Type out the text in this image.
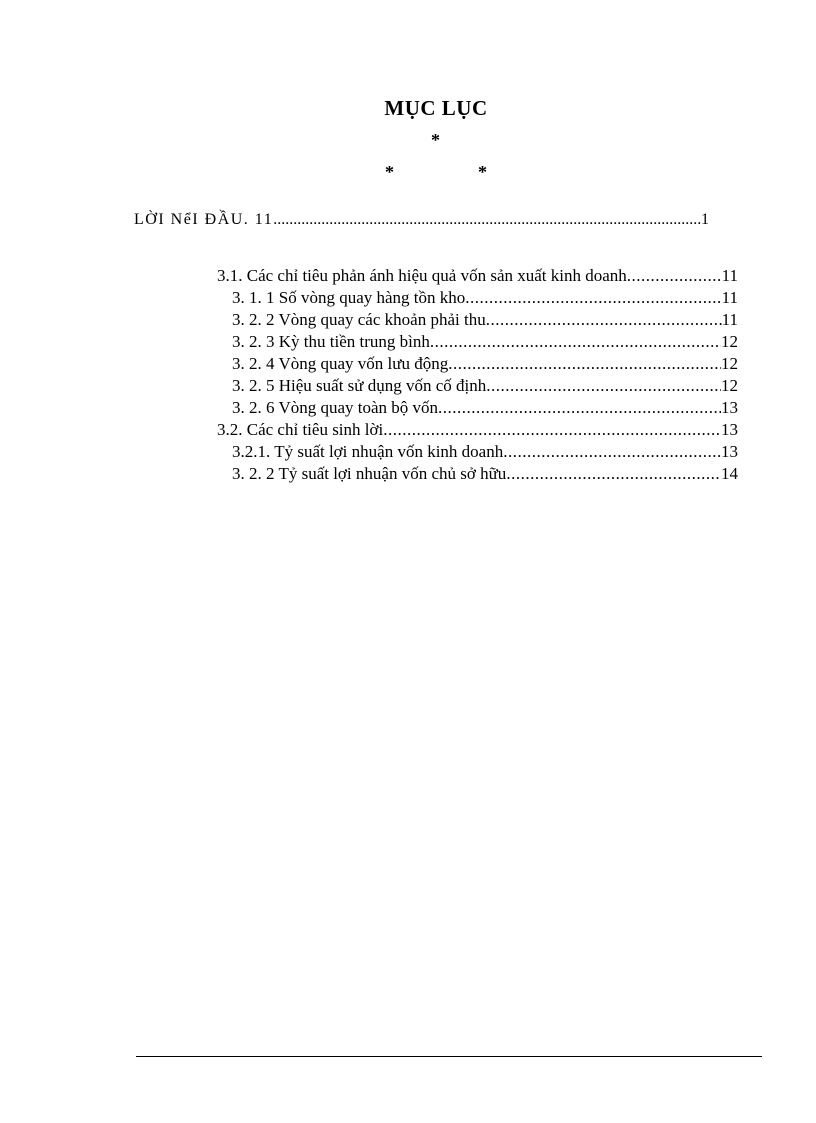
MỤC LỤC
*
*	*
LỜI NểI ĐẦU. 11 .....	1
3.1. Các chỉ tiêu phản ánh hiệu quả vốn sản xuất kinh doanh .....	11
3. 1. 1 Số vòng quay hàng tồn kho .....	11
3. 2. 2 Vòng quay các khoản phải thu .....	11
3. 2. 3 Kỳ thu tiền trung bình .....	12
3. 2. 4 Vòng quay vốn lưu động .....	12
3. 2. 5 Hiệu suất sử dụng vốn cố định .....	12
3. 2. 6 Vòng quay toàn bộ vốn .....	13
3.2. Các chỉ tiêu sinh lời .....	13
3.2.1. Tỷ suất lợi nhuận vốn kinh doanh .....	13
3. 2. 2 Tỷ suất lợi nhuận vốn chủ sở hữu .....	14
